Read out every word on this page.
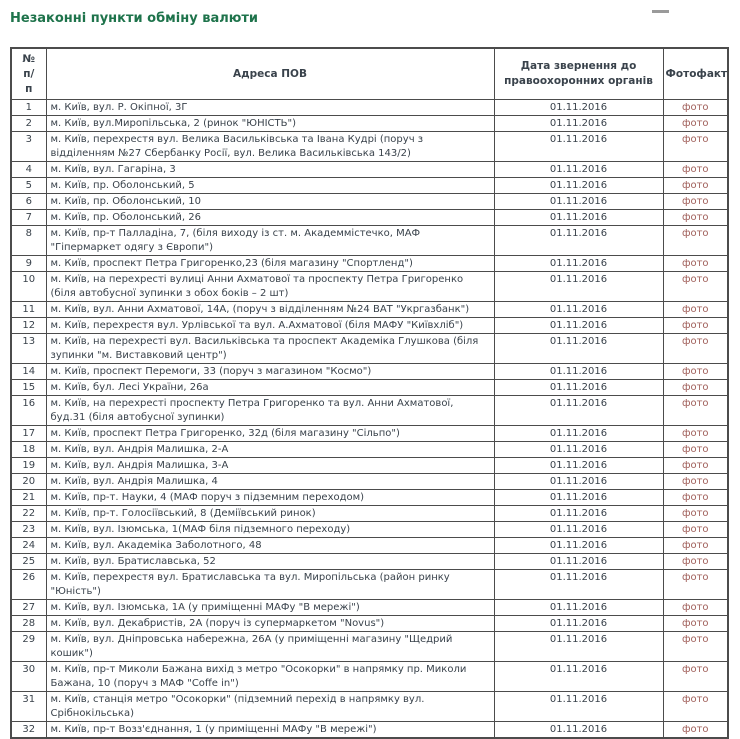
Незаконні пункти обміну валюти
№ п/п	Адреса ПОВ	Дата звернення до правоохоронних органів	Фотофакт
1	м. Київ, вул. Р. Окіпної, 3Г	01.11.2016	фото
2	м. Київ, вул.Миропільська, 2 (ринок "ЮНІСТЬ")	01.11.2016	фото
3	м. Київ, перехрестя вул. Велика Васильківська та Івана Кудрі (поруч з відділенням №27 Сбербанку Росії, вул. Велика Васильківська 143/2)	01.11.2016	фото
4	м. Київ, вул. Гагаріна, 3	01.11.2016	фото
5	м. Київ, пр. Оболонський, 5	01.11.2016	фото
6	м. Київ, пр. Оболонський, 10	01.11.2016	фото
7	м. Київ, пр. Оболонський, 26	01.11.2016	фото
8	м. Київ, пр-т Палладіна, 7, (біля виходу із ст. м. Академмістечко, МАФ "Гіпермаркет одягу з Європи")	01.11.2016	фото
9	м. Київ, проспект Петра Григоренко,23 (біля магазину "Спортленд")	01.11.2016	фото
10	м. Київ, на перехресті вулиці Анни Ахматової та проспекту Петра Григоренко (біля автобусної зупинки з обох боків – 2 шт)	01.11.2016	фото
11	м. Київ, вул. Анни Ахматової, 14А, (поруч з відділенням №24 ВАТ "Укргазбанк")	01.11.2016	фото
12	м. Київ, перехрестя вул. Урлівської та вул. А.Ахматової (біля МАФУ "Київхліб")	01.11.2016	фото
13	м. Київ, на перехресті вул. Васильківська та проспект Академіка Глушкова (біля зупинки "м. Виставковий центр")	01.11.2016	фото
14	м. Київ, проспект Перемоги, 33 (поруч з магазином "Космо")	01.11.2016	фото
15	м. Київ, бул. Лесі України, 26а	01.11.2016	фото
16	м. Київ, на перехресті проспекту Петра Григоренко та вул. Анни Ахматової, буд.31 (біля автобусної зупинки)	01.11.2016	фото
17	м. Київ, проспект Петра Григоренко, 32д (біля магазину "Сільпо")	01.11.2016	фото
18	м. Київ, вул. Андрія Малишка, 2-А	01.11.2016	фото
19	м. Київ, вул. Андрія Малишка, 3-А	01.11.2016	фото
20	м. Київ, вул. Андрія Малишка, 4	01.11.2016	фото
21	м. Київ, пр-т. Науки, 4 (МАФ поруч з підземним переходом)	01.11.2016	фото
22	м. Київ, пр-т. Голосіївський, 8 (Деміївський ринок)	01.11.2016	фото
23	м. Київ, вул. Ізюмська, 1(МАФ біля підземного переходу)	01.11.2016	фото
24	м. Київ, вул. Академіка Заболотного, 48	01.11.2016	фото
25	м. Київ, вул. Братиславська, 52	01.11.2016	фото
26	м. Київ, перехрестя вул. Братиславська та вул. Миропільська (район ринку "Юність")	01.11.2016	фото
27	м. Київ, вул. Ізюмська, 1А (у приміщенні МАФу "В мережі")	01.11.2016	фото
28	м. Київ, вул. Декабристів, 2А (поруч із супермаркетом "Novus")	01.11.2016	фото
29	м. Київ, вул. Дніпровська набережна, 26А (у приміщенні магазину "Щедрий кошик")	01.11.2016	фото
30	м. Київ, пр-т Миколи Бажана вихід з метро "Осокорки" в напрямку пр. Миколи Бажана, 10 (поруч з МАФ "Coffe in")	01.11.2016	фото
31	м. Київ, станція метро "Осокорки" (підземний перехід в напрямку вул. Срібнокільська)	01.11.2016	фото
32	м. Київ, пр-т Возз'єднання, 1 (у приміщенні МАФу "В мережі")	01.11.2016	фото
